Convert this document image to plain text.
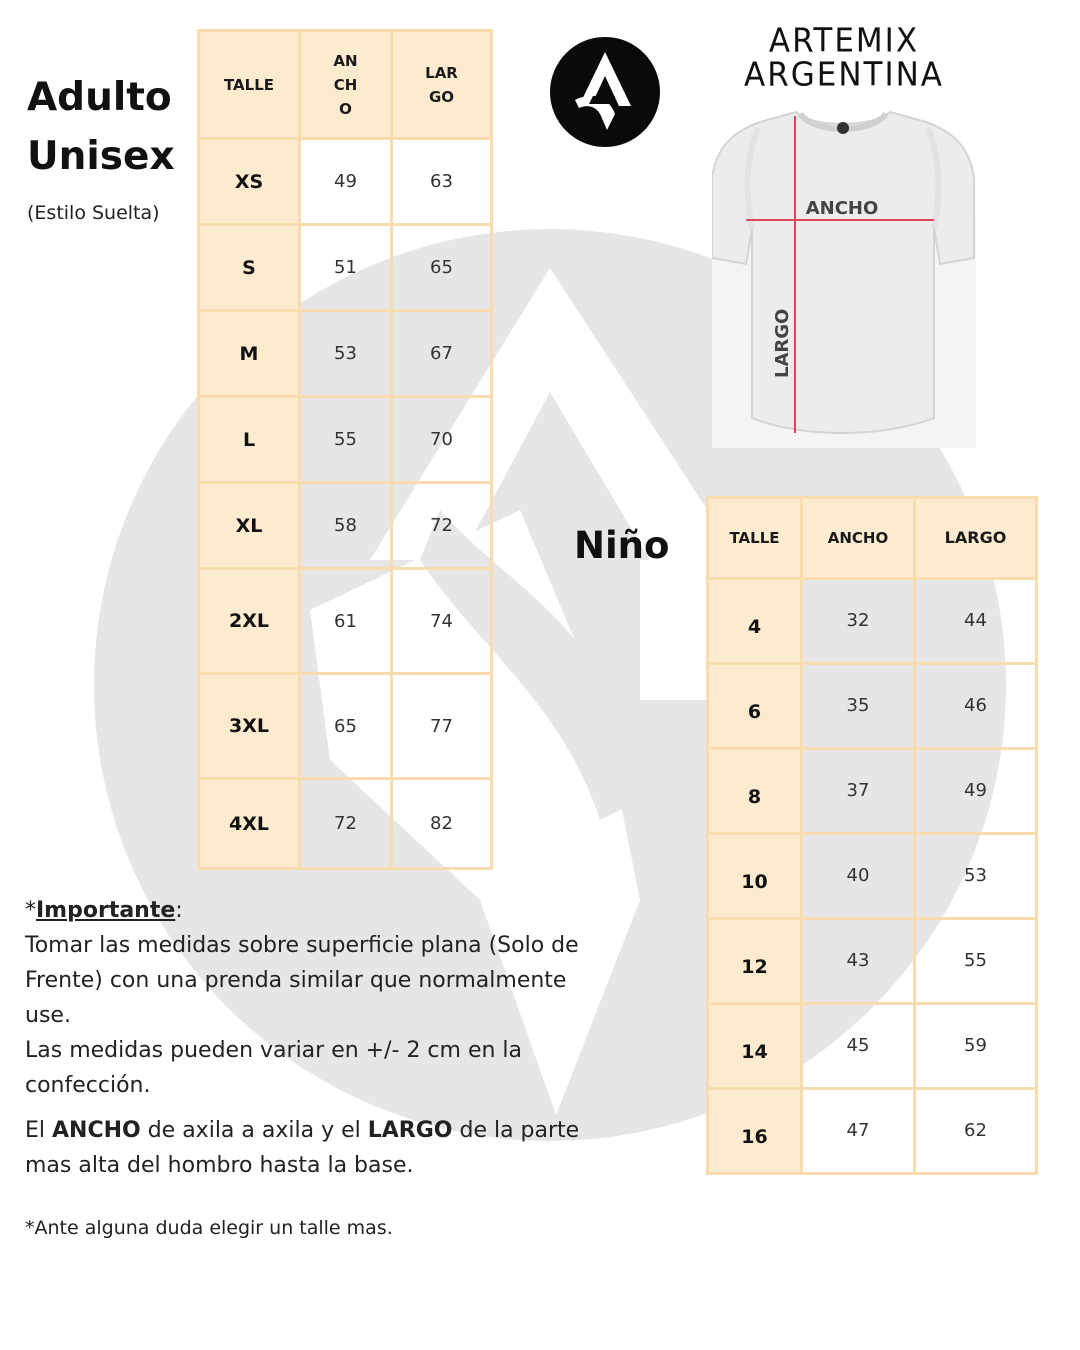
Adulto
Unisex
(Estilo Suelta)
TALLE	ANCHO	LARGO
XS	49	63
S	51	65
M	53	67
L	55	70
XL	58	72
2XL	61	74
3XL	65	77
4XL	72	82
ARTEMIX
ARGENTINA
ANCHO
LARGO
Niño	TALLE	ANCHO	LARGO
4	32	44
6	35	46
8	37	49
10	40	53
12	43	55
14	45	59
16	47	62

*Importante:

Tomar las medidas sobre superficie plana (Solo de Frente) con una prenda similar que normalmente use.

Las medidas pueden variar en +/- 2 cm en la confección.

El ANCHO de axila a axila y el LARGO de la parte mas alta del hombro hasta la base.

*Ante alguna duda elegir un talle mas.
